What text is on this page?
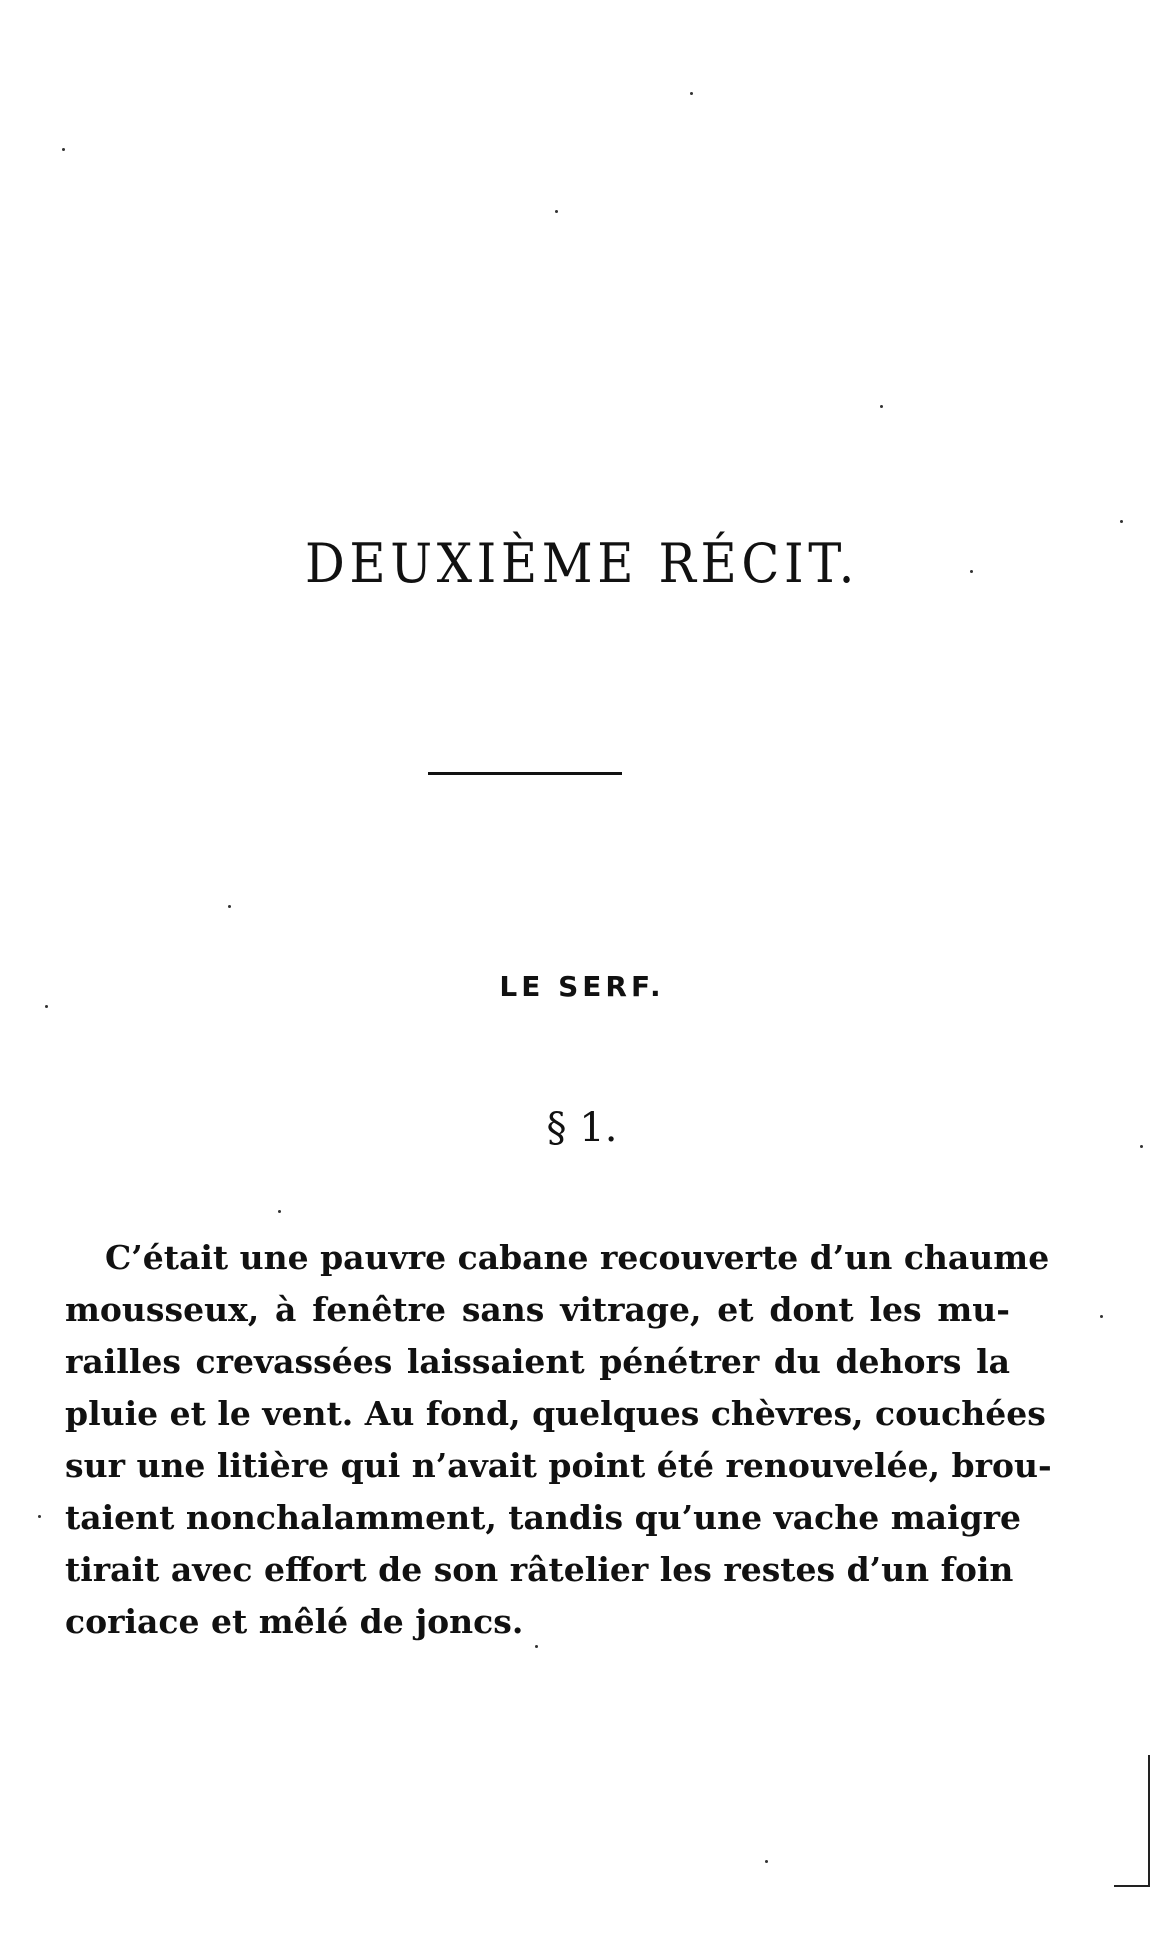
DEUXIÈME RÉCIT.
LE SERF.
§ 1.
C’était une pauvre cabane recouverte d’un chaume
mousseux, à fenêtre sans vitrage, et dont les mu-
railles crevassées laissaient pénétrer du dehors la
pluie et le vent. Au fond, quelques chèvres, couchées
sur une litière qui n’avait point été renouvelée, brou-
taient nonchalamment, tandis qu’une vache maigre
tirait avec effort de son râtelier les restes d’un foin
coriace et mêlé de joncs.
